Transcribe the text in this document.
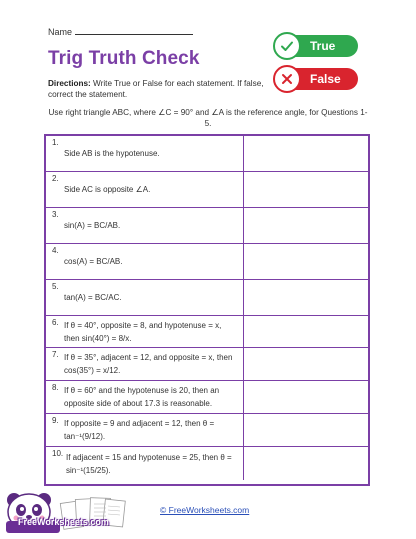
Name
Trig Truth Check
True
False
Directions: Write True or False for each statement. If false, correct the statement.
Use right triangle ABC, where ∠C = 90° and ∠A is the reference angle, for Questions 1-5.
1.
Side AB is the hypotenuse.
2.
Side AC is opposite ∠A.
3.
sin(A) = BC/AB.
4.
cos(A) = BC/AB.
5.
tan(A) = BC/AC.
6. If θ = 40°, opposite = 8, and hypotenuse = x, then sin(40°) = 8/x.
7. If θ = 35°, adjacent = 12, and opposite = x, then cos(35°) = x/12.
8. If θ = 60° and the hypotenuse is 20, then an opposite side of about 17.3 is reasonable.
9. If opposite = 9 and adjacent = 12, then θ = tan⁻¹(9/12).
10. If adjacent = 15 and hypotenuse = 25, then θ = sin⁻¹(15/25).
FreeWorksheets.com
© FreeWorksheets.com
